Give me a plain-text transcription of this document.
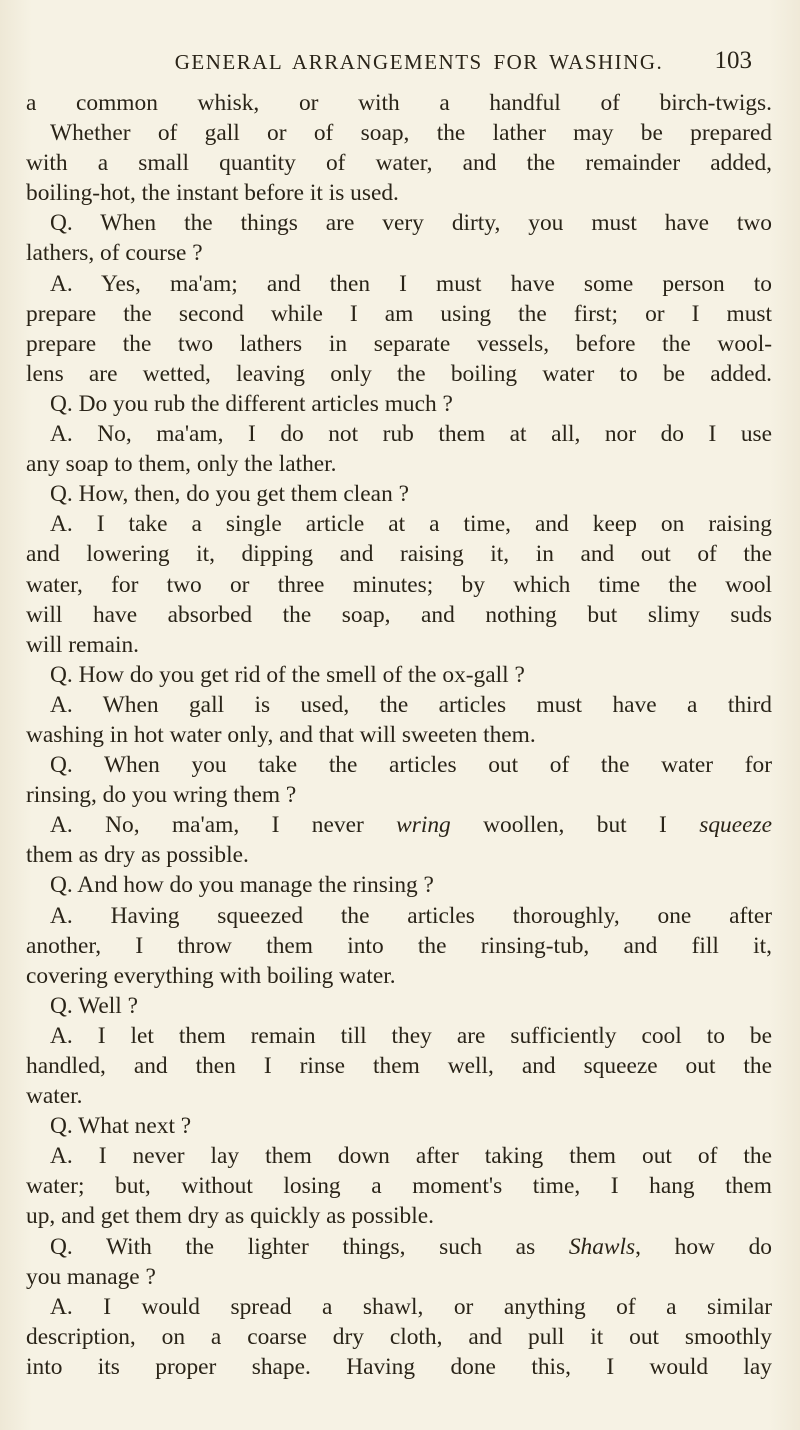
GENERAL ARRANGEMENTS FOR WASHING.	103
a common whisk, or with a handful of birch-twigs.
Whether of gall or of soap, the lather may be prepared
with a small quantity of water, and the remainder added,
boiling-hot, the instant before it is used.
Q. When the things are very dirty, you must have two
lathers, of course ?
A. Yes, ma'am; and then I must have some person to
prepare the second while I am using the first; or I must
prepare the two lathers in separate vessels, before the wool-
lens are wetted, leaving only the boiling water to be added.
Q. Do you rub the different articles much ?
A. No, ma'am, I do not rub them at all, nor do I use
any soap to them, only the lather.
Q. How, then, do you get them clean ?
A. I take a single article at a time, and keep on raising
and lowering it, dipping and raising it, in and out of the
water, for two or three minutes; by which time the wool
will have absorbed the soap, and nothing but slimy suds
will remain.
Q. How do you get rid of the smell of the ox-gall ?
A. When gall is used, the articles must have a third
washing in hot water only, and that will sweeten them.
Q. When you take the articles out of the water for
rinsing, do you wring them ?
A. No, ma'am, I never wring woollen, but I squeeze
them as dry as possible.
Q. And how do you manage the rinsing ?
A. Having squeezed the articles thoroughly, one after
another, I throw them into the rinsing-tub, and fill it,
covering everything with boiling water.
Q. Well ?
A. I let them remain till they are sufficiently cool to be
handled, and then I rinse them well, and squeeze out the
water.
Q. What next ?
A. I never lay them down after taking them out of the
water; but, without losing a moment's time, I hang them
up, and get them dry as quickly as possible.
Q. With the lighter things, such as Shawls, how do
you manage ?
A. I would spread a shawl, or anything of a similar
description, on a coarse dry cloth, and pull it out smoothly
into its proper shape. Having done this, I would lay
